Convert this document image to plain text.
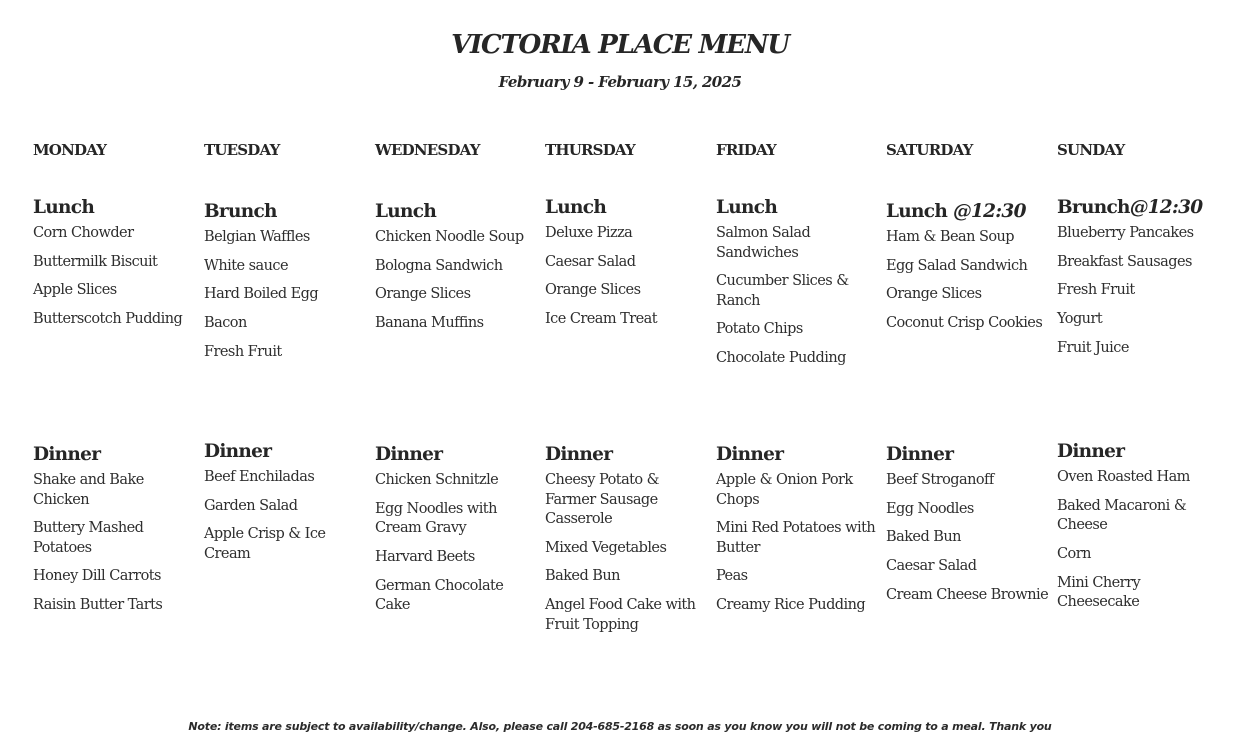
VICTORIA PLACE MENU
February 9 - February 15, 2025
MONDAY
Lunch
Corn Chowder
Buttermilk Biscuit
Apple Slices
Butterscotch Pudding
Dinner
Shake and Bake Chicken
Buttery Mashed Potatoes
Honey Dill Carrots
Raisin Butter Tarts
TUESDAY
Brunch
Belgian Waffles
White sauce
Hard Boiled Egg
Bacon
Fresh Fruit
Dinner
Beef Enchiladas
Garden Salad
Apple Crisp & Ice Cream
WEDNESDAY
Lunch
Chicken Noodle Soup
Bologna Sandwich
Orange Slices
Banana Muffins
Dinner
Chicken Schnitzle
Egg Noodles with Cream Gravy
Harvard Beets
German Chocolate Cake
THURSDAY
Lunch
Deluxe Pizza
Caesar Salad
Orange Slices
Ice Cream Treat
Dinner
Cheesy Potato & Farmer Sausage Casserole
Mixed Vegetables
Baked Bun
Angel Food Cake with Fruit Topping
FRIDAY
Lunch
Salmon Salad Sandwiches
Cucumber Slices & Ranch
Potato Chips
Chocolate Pudding
Dinner
Apple & Onion Pork Chops
Mini Red Potatoes with Butter
Peas
Creamy Rice Pudding
SATURDAY
Lunch @12:30
Ham & Bean Soup
Egg Salad Sandwich
Orange Slices
Coconut Crisp Cookies
Dinner
Beef Stroganoff
Egg Noodles
Baked Bun
Caesar Salad
Cream Cheese Brownie
SUNDAY
Brunch@12:30
Blueberry Pancakes
Breakfast Sausages
Fresh Fruit
Yogurt
Fruit Juice
Dinner
Oven Roasted Ham
Baked Macaroni & Cheese
Corn
Mini Cherry Cheesecake
Note: items are subject to availability/change. Also, please call 204-685-2168 as soon as you know you will not be coming to a meal. Thank you
